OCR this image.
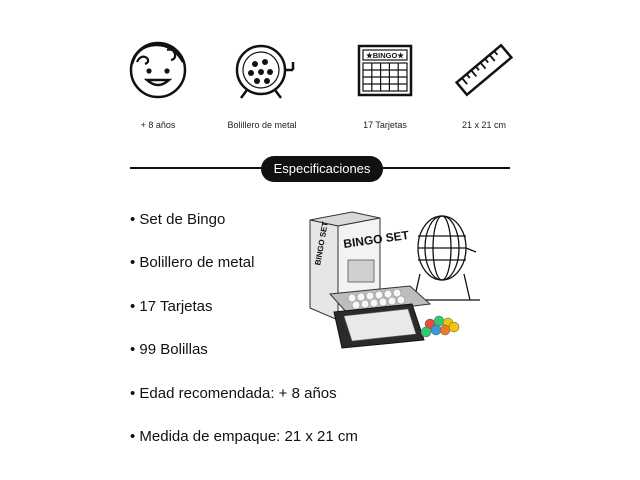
+ 8 años	Bolillero de metal
★BINGO★
17 Tarjetas	21 x 21 cm
Especificaciones
• Set de Bingo
• Bolillero de metal
• 17 Tarjetas
• 99 Bolillas
• Edad recomendada: + 8 años
• Medida de empaque: 21 x 21 cm
BINGO SET BINGO SET
